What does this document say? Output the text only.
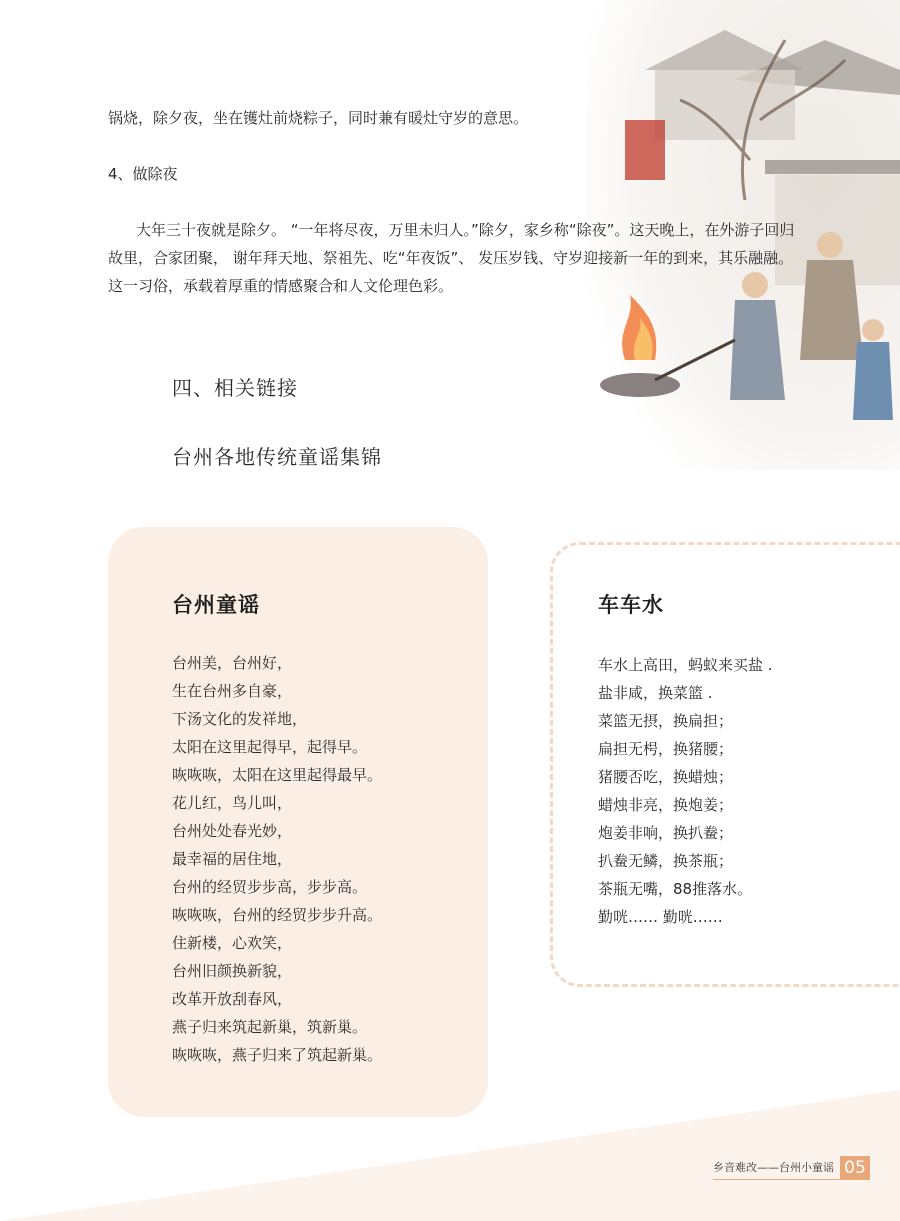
锅烧，除夕夜，坐在镬灶前烧粽子，同时兼有暖灶守岁的意思。

4、做除夜

大年三十夜就是除夕。 “一年将尽夜，万里未归人。”除夕，家乡称“除夜”。这天晚上，在外游子回归故里，合家团聚， 谢年拜天地、祭祖先、吃“年夜饭”、 发压岁钱、守岁迎接新一年的到来，其乐融融。这一习俗，承载着厚重的情感聚合和人文伦理色彩。

四、相关链接
台州各地传统童谣集锦
台州童谣
台州美，台州好，
生在台州多自豪，
下汤文化的发祥地，
太阳在这里起得早，起得早。
咴咴咴，太阳在这里起得最早。
花儿红，鸟儿叫，
台州处处春光妙，
最幸福的居住地，
台州的经贸步步高，步步高。
咴咴咴，台州的经贸步步升高。
住新楼，心欢笑，
台州旧颜换新貌，
改革开放刮春风，
燕子归来筑起新巢，筑新巢。
咴咴咴，燕子归来了筑起新巢。
车车水
车水上高田，蚂蚁来买盐 .
盐非咸，换菜篮 .
菜篮无摂，换扁担；
扁担无枵，换猪腰；
猪腰否吃，换蜡烛；
蜡烛非亮，换炮姜；
炮姜非响，换扒鲞；
扒鲞无鳞，换茶瓶；
茶瓶无嘴，88推落水。
勤咣…… 勤咣……
乡音难改——台州小童谣 05
